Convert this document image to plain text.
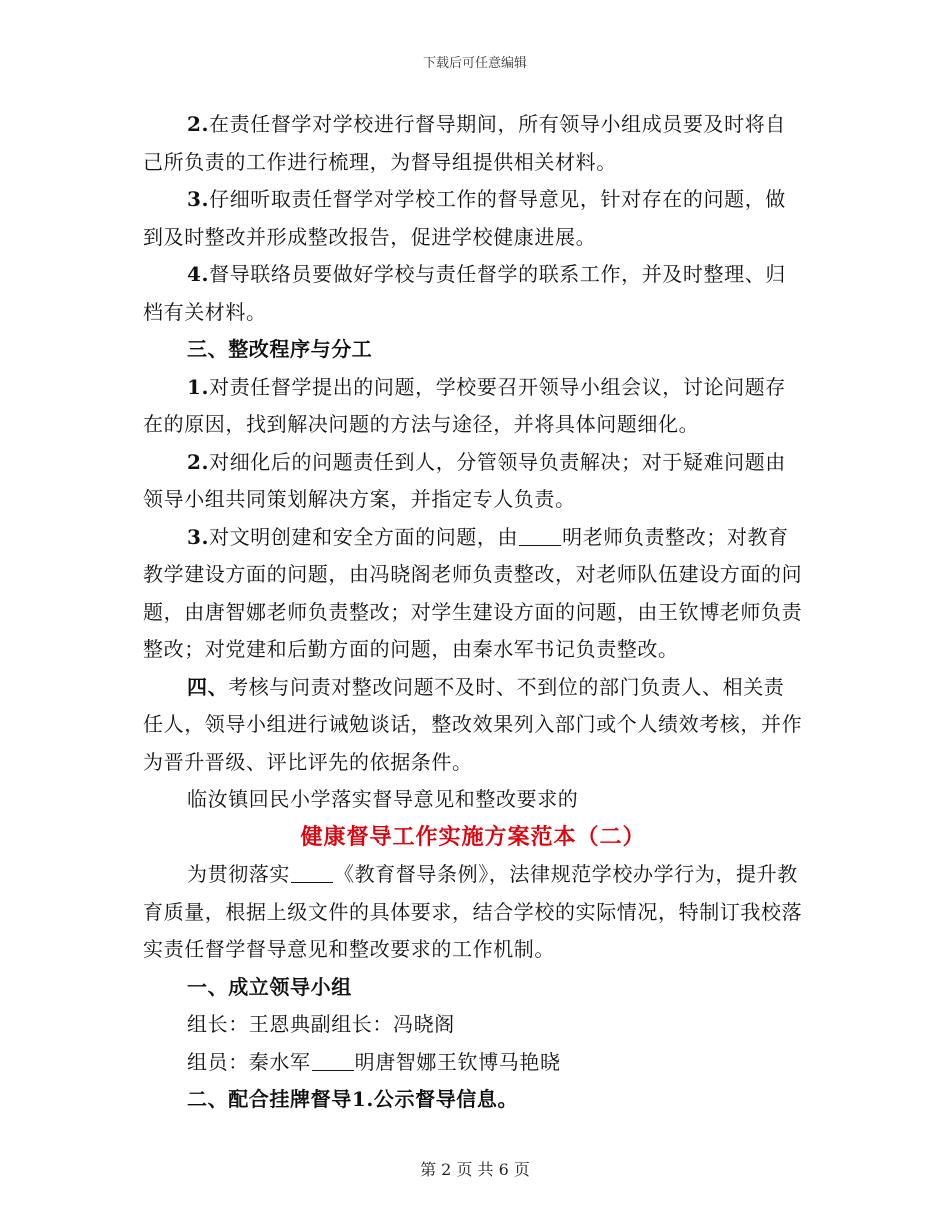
下载后可任意编辑

2.在责任督学对学校进行督导期间，所有领导小组成员要及时将自己所负责的工作进行梳理，为督导组提供相关材料。

3.仔细听取责任督学对学校工作的督导意见，针对存在的问题，做到及时整改并形成整改报告，促进学校健康进展。

4.督导联络员要做好学校与责任督学的联系工作，并及时整理、归档有关材料。

三、整改程序与分工

1.对责任督学提出的问题，学校要召开领导小组会议，讨论问题存在的原因，找到解决问题的方法与途径，并将具体问题细化。

2.对细化后的问题责任到人，分管领导负责解决；对于疑难问题由领导小组共同策划解决方案，并指定专人负责。

3.对文明创建和安全方面的问题，由 明老师负责整改；对教育教学建设方面的问题，由冯晓阁老师负责整改，对老师队伍建设方面的问题，由唐智娜老师负责整改；对学生建设方面的问题，由王钦博老师负责整改；对党建和后勤方面的问题，由秦水军书记负责整改。

四、考核与问责对整改问题不及时、不到位的部门负责人、相关责任人，领导小组进行诫勉谈话，整改效果列入部门或个人绩效考核，并作为晋升晋级、评比评先的依据条件。

临汝镇回民小学落实督导意见和整改要求的

健康督导工作实施方案范本（二）

为贯彻落实 《教育督导条例》，法律规范学校办学行为，提升教育质量，根据上级文件的具体要求，结合学校的实际情况，特制订我校落实责任督学督导意见和整改要求的工作机制。

一、成立领导小组

组长：王恩典副组长：冯晓阁

组员：秦水军 明唐智娜王钦博马艳晓

二、配合挂牌督导1.公示督导信息。

第 2 页 共 6 页
